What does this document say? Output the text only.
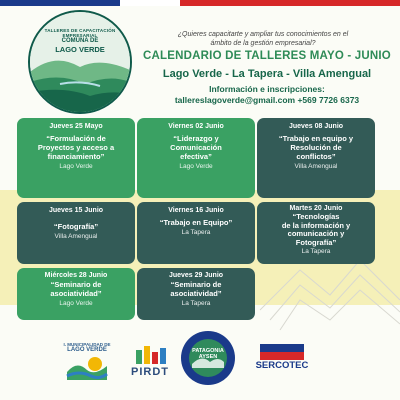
TALLERES DE CAPACITACIÓN EMPRESARIAL
COMUNA DE
LAGO VERDE
¿Quieres capacitarte y ampliar tus conocimientos en el
ámbito de la gestión empresarial?
CALENDARIO DE TALLERES MAYO - JUNIO
Lago Verde - La Tapera - Villa Amengual
Información e inscripciones:
tallereslagoverde@gmail.com +569 7726 6373
Jueves 25 Mayo
“Formulación de
Proyectos y acceso a
financiamiento”
Lago Verde
Viernes 02 Junio
“Liderazgo y
Comunicación
efectiva”
Lago Verde
Jueves 08 Junio
“Trabajo en equipo y
Resolución de
conflictos”
Villa Amengual
Jueves 15 Junio
“Fotografía”
Villa Amengual
Viernes 16 Junio
“Trabajo en Equipo”
La Tapera
Martes 20 Junio
“Tecnologías
de la información y
comunicación y
Fotografía”
La Tapera
Miércoles 28 Junio
“Seminario de
asociatividad”
Lago Verde
Jueves 29 Junio
“Seminario de
asociatividad”
La Tapera
I. MUNICIPALIDAD DE
LAGO VERDE
PIRDT
PATAGONIA
AYSEN
SERCOTEC
